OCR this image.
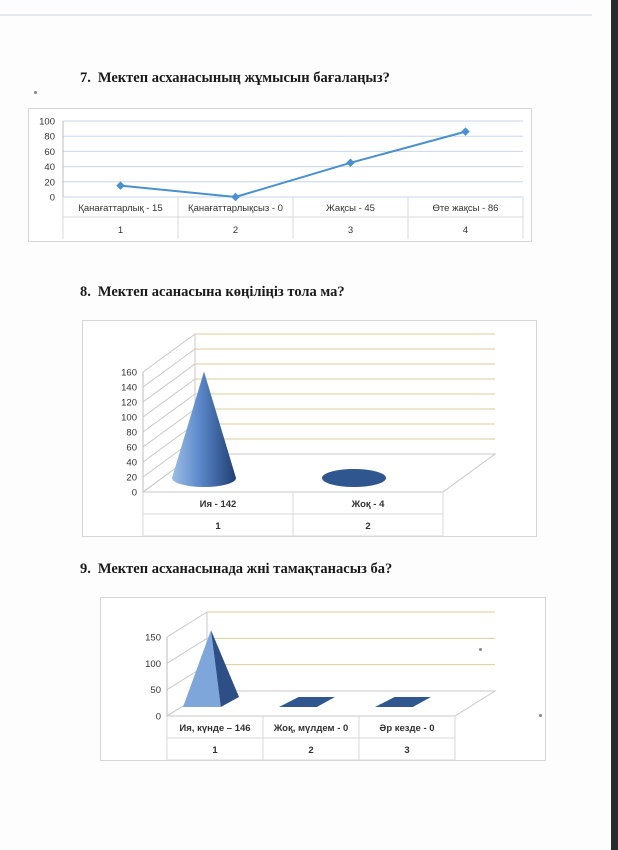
7. Мектеп асханасының жұмысын бағалаңыз?
0
20
40
60
80
100
Қанағаттарлық - 15
1
Қанағаттарлықсыз - 0
2
Жақсы - 45
3
Өте жақсы - 86
4
8. Мектеп асанасына көңіліңіз тола ма?
0
20
40
60
80
100
120
140
160
Ия - 142
1
Жоқ - 4
2
9. Мектеп асханасынада жні тамақтанасыз ба?
0
50
100
150
Ия, күнде – 146
1
Жоқ, мүлдем - 0
2
Әр кезде - 0
3
